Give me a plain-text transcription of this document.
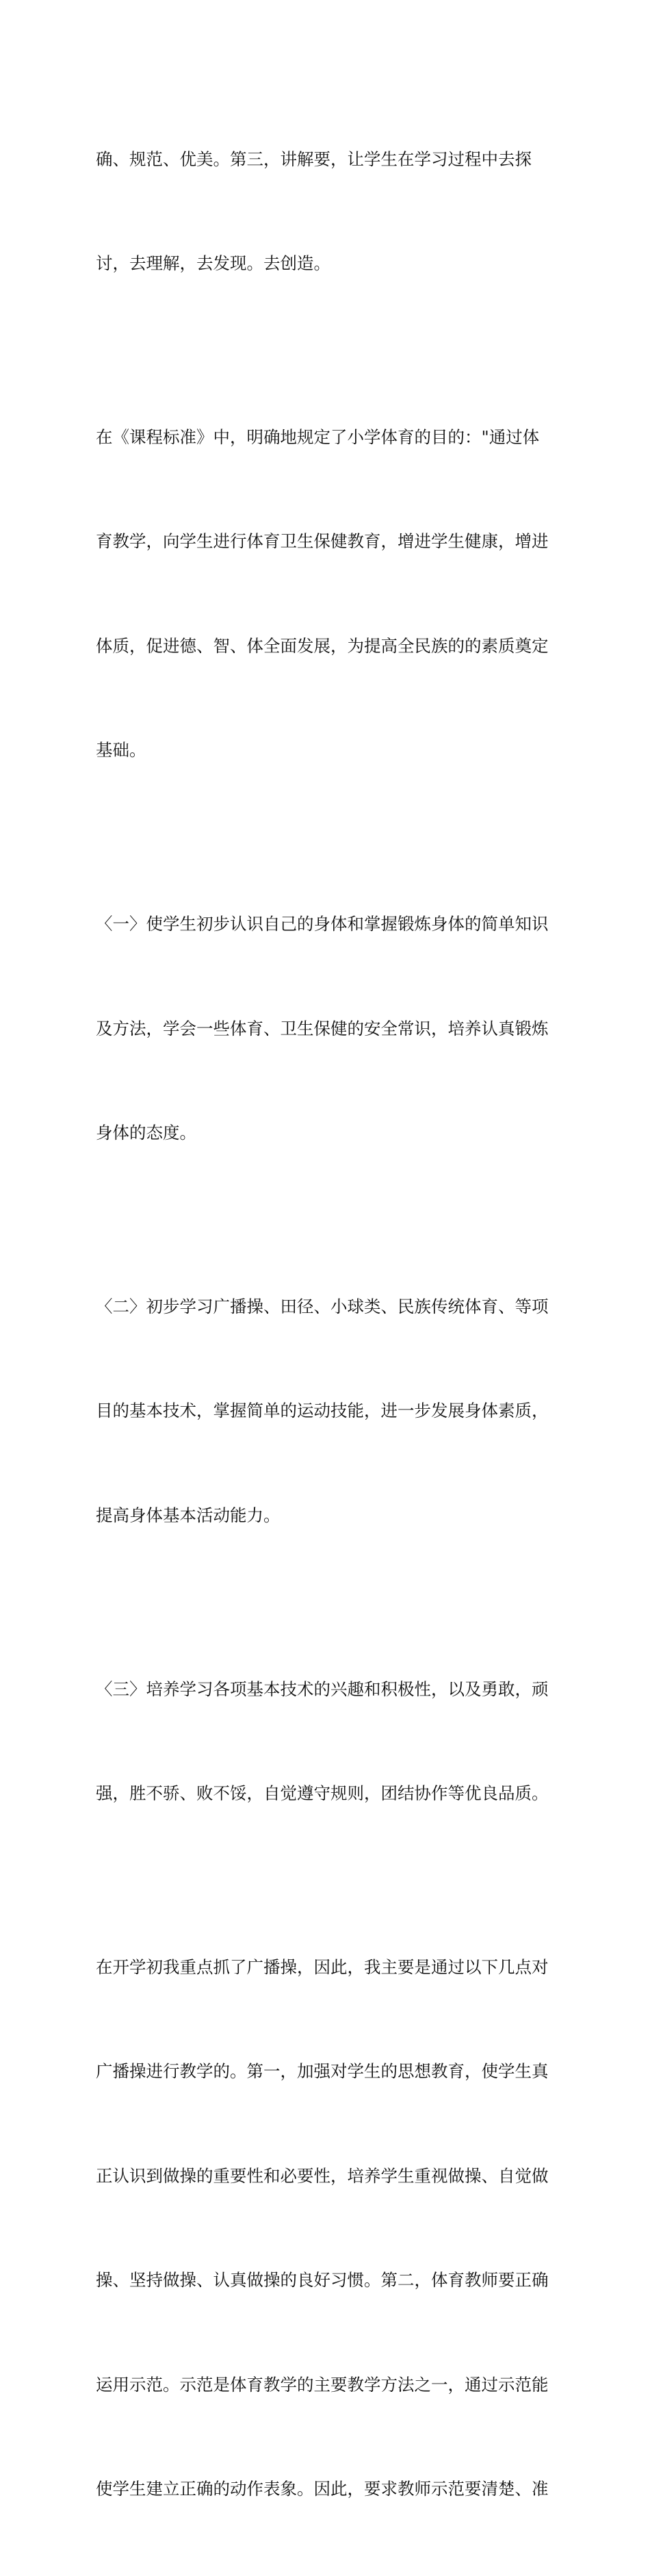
确、规范、优美。第三，讲解要，让学生在学习过程中去探

讨，去理解，去发现。去创造。

在《课程标准》中，明确地规定了小学体育的目的："通过体

育教学，向学生进行体育卫生保健教育，增进学生健康，增进

体质，促进德、智、体全面发展，为提高全民族的的素质奠定

基础。

〈一〉使学生初步认识自己的身体和掌握锻炼身体的简单知识

及方法，学会一些体育、卫生保健的安全常识，培养认真锻炼

身体的态度。

〈二〉初步学习广播操、田径、小球类、民族传统体育、等项

目的基本技术，掌握简单的运动技能，进一步发展身体素质，

提高身体基本活动能力。

〈三〉培养学习各项基本技术的兴趣和积极性，以及勇敢，顽

强，胜不骄、败不馁，自觉遵守规则，团结协作等优良品质。

在开学初我重点抓了广播操，因此，我主要是通过以下几点对

广播操进行教学的。第一，加强对学生的思想教育，使学生真

正认识到做操的重要性和必要性，培养学生重视做操、自觉做

操、坚持做操、认真做操的良好习惯。第二，体育教师要正确

运用示范。示范是体育教学的主要教学方法之一，通过示范能

使学生建立正确的动作表象。因此，要求教师示范要清楚、准
